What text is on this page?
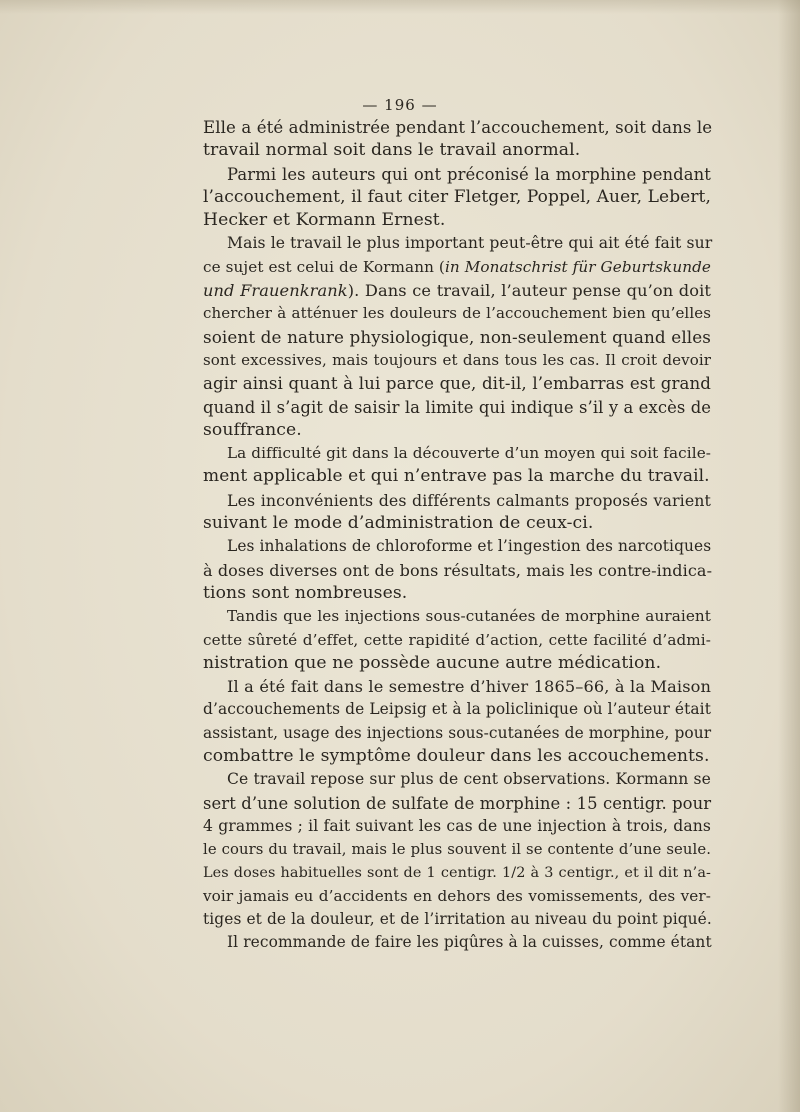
— 196 —
Elle a été administrée pendant l’accouchement, soit dans le
travail normal soit dans le travail anormal.
Parmi les auteurs qui ont préconisé la morphine pendant
l’accouchement, il faut citer Fletger, Poppel, Auer, Lebert,
Hecker et Kormann Ernest.
Mais le travail le plus important peut-être qui ait été fait sur
ce sujet est celui de Kormann (in Monatschrist für Geburtskunde
und Frauenkrank). Dans ce travail, l’auteur pense qu’on doit
chercher à atténuer les douleurs de l’accouchement bien qu’elles
soient de nature physiologique, non-seulement quand elles
sont excessives, mais toujours et dans tous les cas. Il croit devoir
agir ainsi quant à lui parce que, dit-il, l’embarras est grand
quand il s’agit de saisir la limite qui indique s’il y a excès de
souffrance.
La difficulté git dans la découverte d’un moyen qui soit facile-
ment applicable et qui n’entrave pas la marche du travail.
Les inconvénients des différents calmants proposés varient
suivant le mode d’administration de ceux-ci.
Les inhalations de chloroforme et l’ingestion des narcotiques
à doses diverses ont de bons résultats, mais les contre-indica-
tions sont nombreuses.
Tandis que les injections sous-cutanées de morphine auraient
cette sûreté d’effet, cette rapidité d’action, cette facilité d’admi-
nistration que ne possède aucune autre médication.
Il a été fait dans le semestre d’hiver 1865–66, à la Maison
d’accouchements de Leipsig et à la policlinique où l’auteur était
assistant, usage des injections sous-cutanées de morphine, pour
combattre le symptôme douleur dans les accouchements.
Ce travail repose sur plus de cent observations. Kormann se
sert d’une solution de sulfate de morphine : 15 centigr. pour
4 grammes ; il fait suivant les cas de une injection à trois, dans
le cours du travail, mais le plus souvent il se contente d’une seule.
Les doses habituelles sont de 1 centigr. 1/2 à 3 centigr., et il dit n’a-
voir jamais eu d’accidents en dehors des vomissements, des ver-
tiges et de la douleur, et de l’irritation au niveau du point piqué.
Il recommande de faire les piqûres à la cuisses, comme étant
